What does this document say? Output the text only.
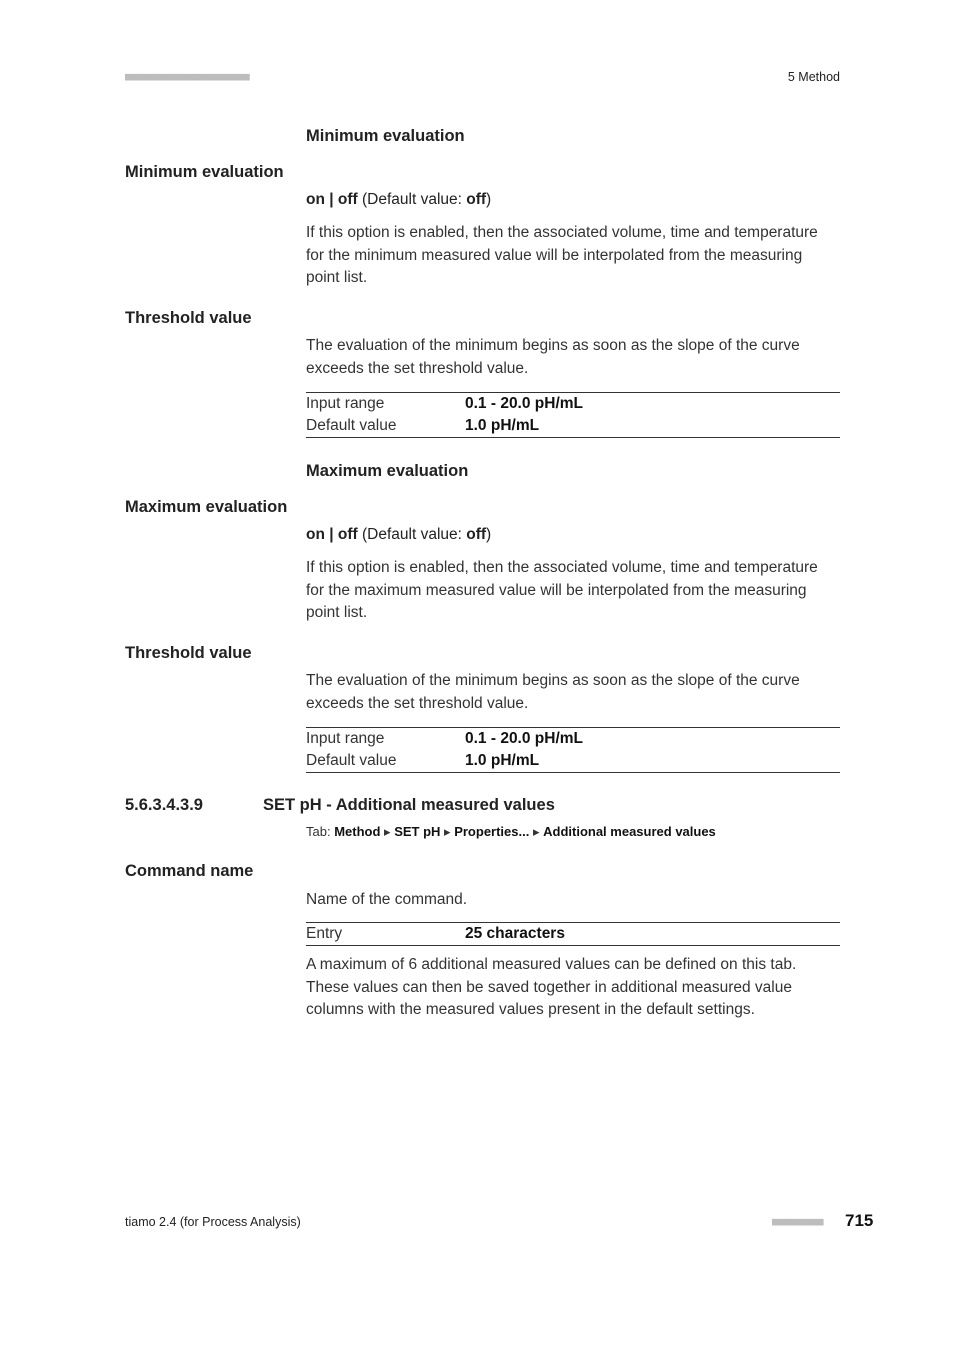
■■■■■■■■■■■■■■■■■■■■■■	5 Method
Minimum evaluation
Minimum evaluation
on | off (Default value: off)
If this option is enabled, then the associated volume, time and temperature for the minimum measured value will be interpolated from the measuring point list.
Threshold value
The evaluation of the minimum begins as soon as the slope of the curve exceeds the set threshold value.
Input range	0.1 - 20.0 pH/mL
Default value	1.0 pH/mL
Maximum evaluation
Maximum evaluation
on | off (Default value: off)
If this option is enabled, then the associated volume, time and temperature for the maximum measured value will be interpolated from the measuring point list.
Threshold value
The evaluation of the minimum begins as soon as the slope of the curve exceeds the set threshold value.
Input range	0.1 - 20.0 pH/mL
Default value	1.0 pH/mL
5.6.3.4.3.9	SET pH - Additional measured values
Tab: Method ▸ SET pH ▸ Properties... ▸ Additional measured values
Command name
Name of the command.
Entry	25 characters
A maximum of 6 additional measured values can be defined on this tab. These values can then be saved together in additional measured value columns with the measured values present in the default settings.
tiamo 2.4 (for Process Analysis)	■■■■■■■■■ 715
